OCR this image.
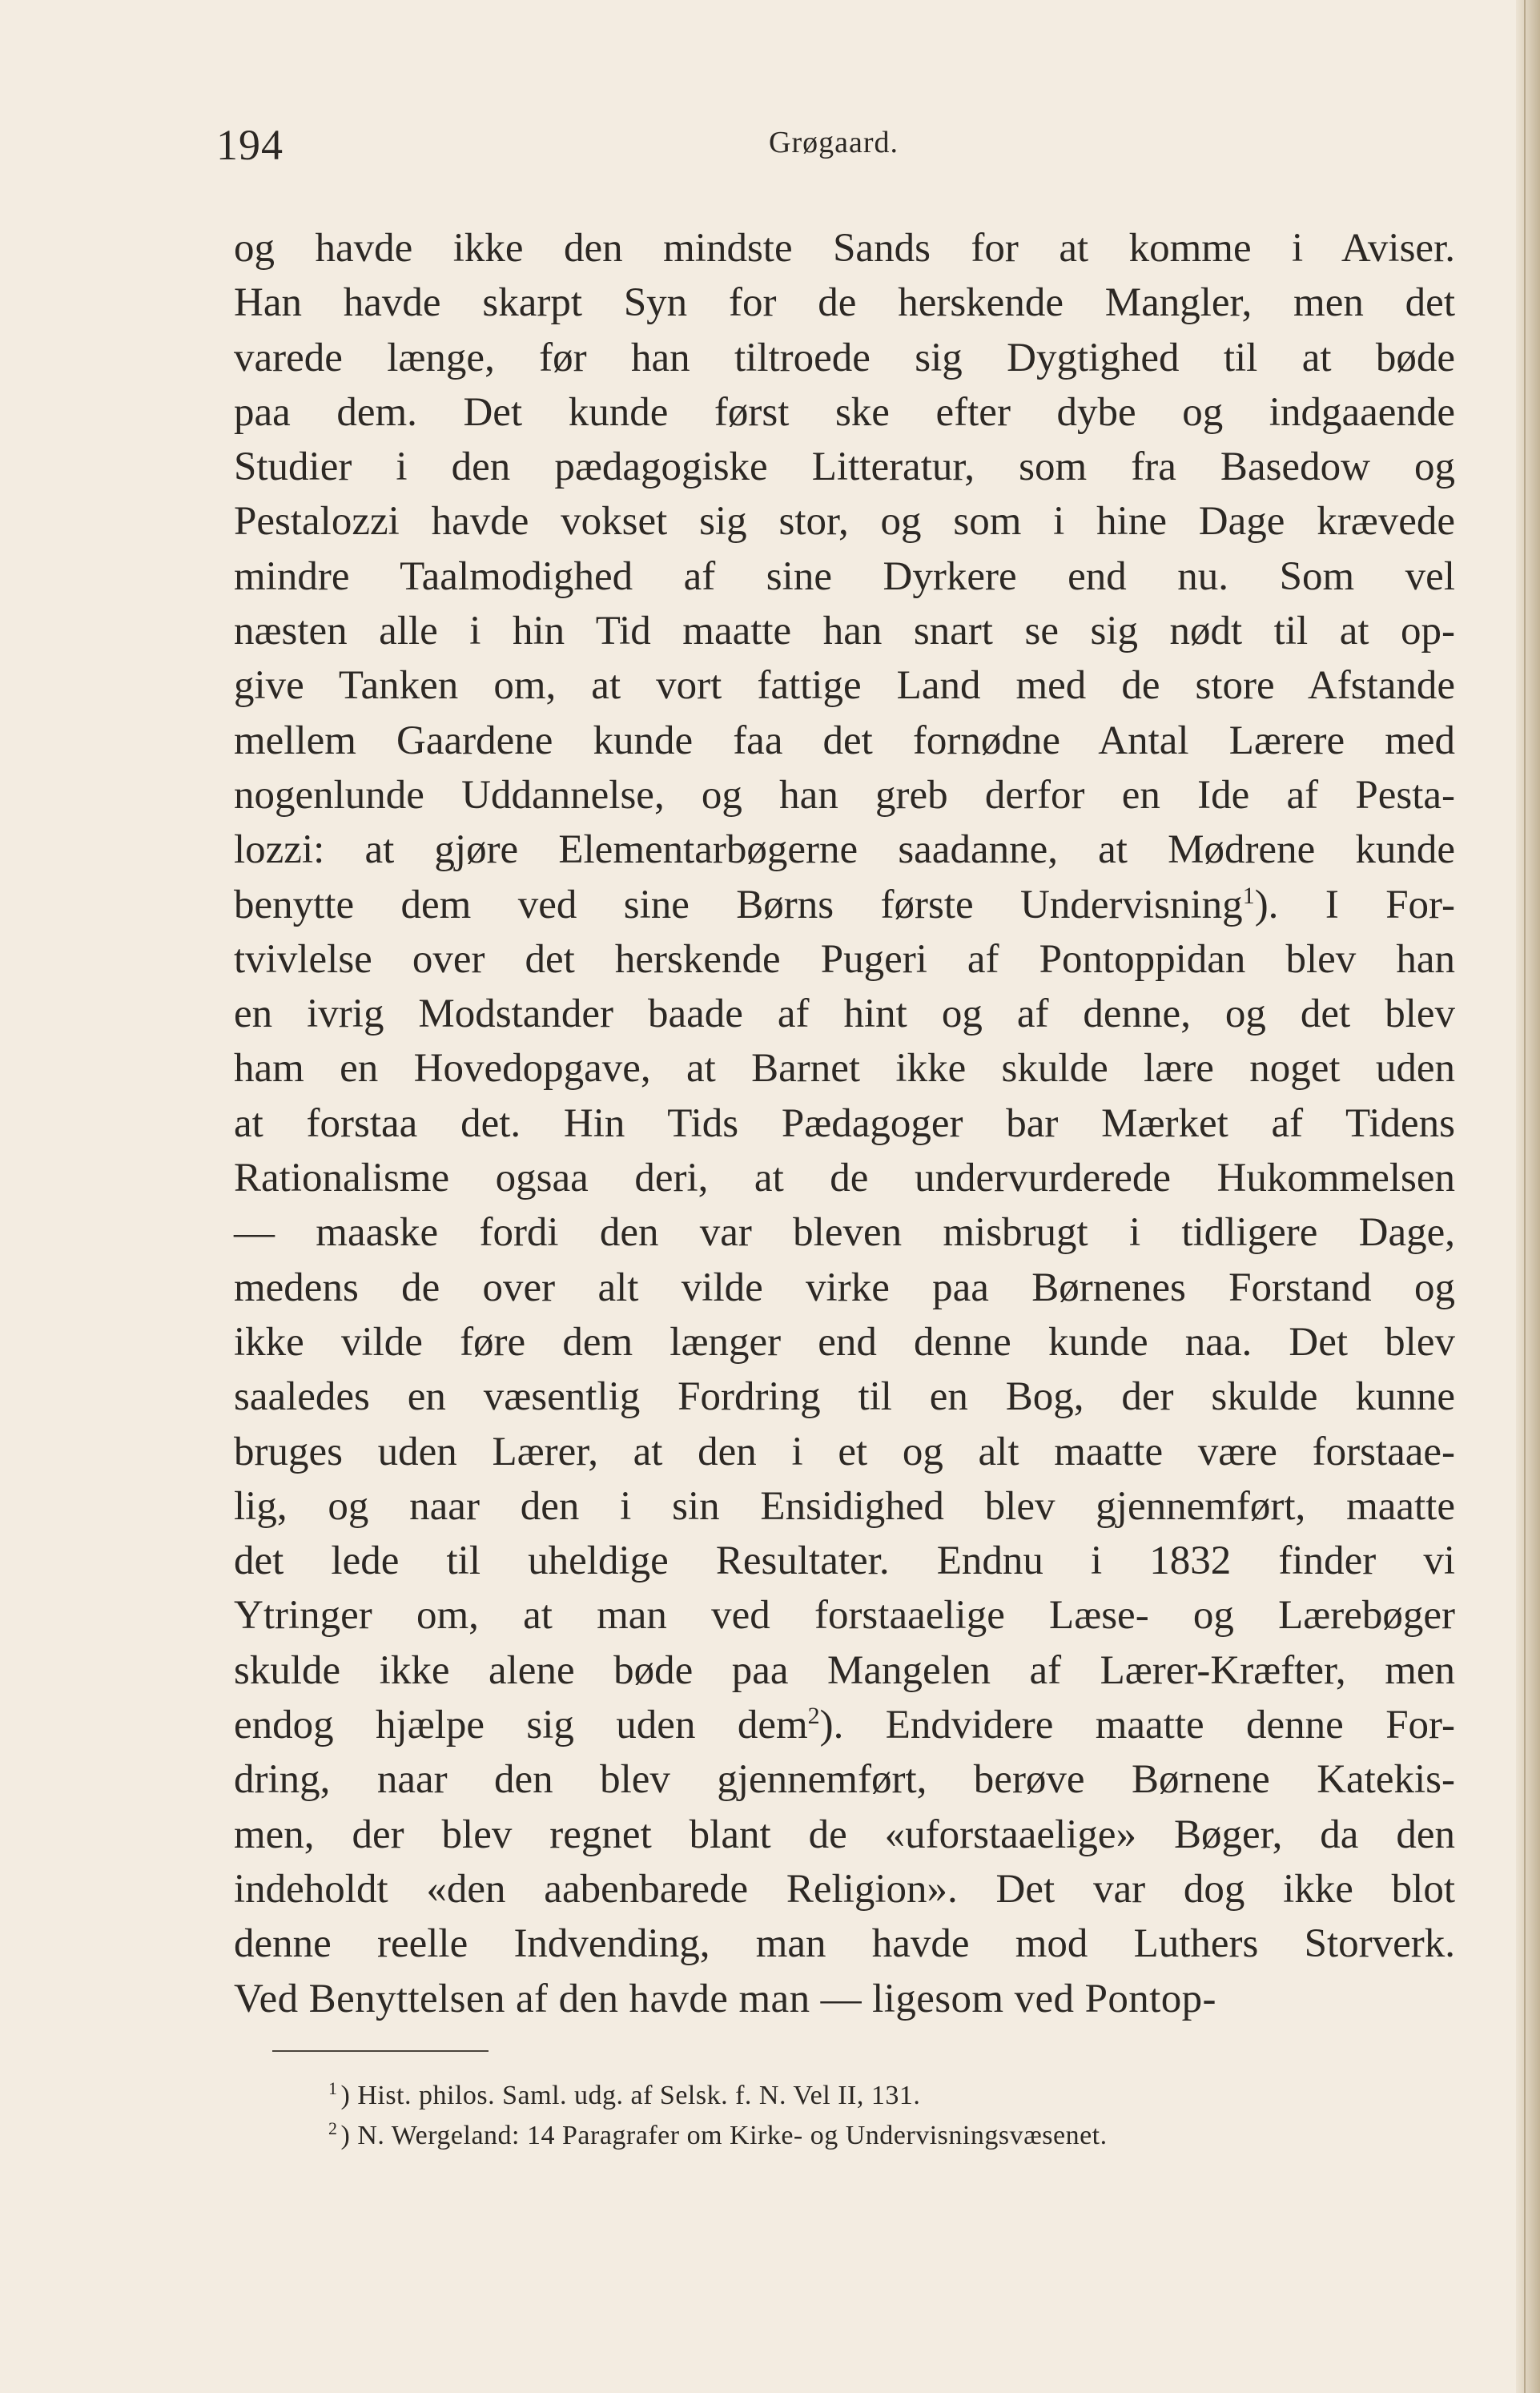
194	Grøgaard.
og havde ikke den mindste Sands for at komme i Aviser.
Han havde skarpt Syn for de herskende Mangler, men det
varede længe, før han tiltroede sig Dygtighed til at bøde
paa dem. Det kunde først ske efter dybe og indgaaende
Studier i den pædagogiske Litteratur, som fra Basedow og
Pestalozzi havde vokset sig stor, og som i hine Dage krævede
mindre Taalmodighed af sine Dyrkere end nu. Som vel
næsten alle i hin Tid maatte han snart se sig nødt til at op-
give Tanken om, at vort fattige Land med de store Afstande
mellem Gaardene kunde faa det fornødne Antal Lærere med
nogenlunde Uddannelse, og han greb derfor en Ide af Pesta-
lozzi: at gjøre Elementarbøgerne saadanne, at Mødrene kunde
benytte dem ved sine Børns første Undervisning$^1$). I For-
tvivlelse over det herskende Pugeri af Pontoppidan blev han
en ivrig Modstander baade af hint og af denne, og det blev
ham en Hovedopgave, at Barnet ikke skulde lære noget uden
at forstaa det. Hin Tids Pædagoger bar Mærket af Tidens
Rationalisme ogsaa deri, at de undervurderede Hukommelsen
— maaske fordi den var bleven misbrugt i tidligere Dage,
medens de over alt vilde virke paa Børnenes Forstand og
ikke vilde føre dem længer end denne kunde naa. Det blev
saaledes en væsentlig Fordring til en Bog, der skulde kunne
bruges uden Lærer, at den i et og alt maatte være forstaae-
lig, og naar den i sin Ensidighed blev gjennemført, maatte
det lede til uheldige Resultater. Endnu i 1832 finder vi
Ytringer om, at man ved forstaaelige Læse- og Lærebøger
skulde ikke alene bøde paa Mangelen af Lærer-Kræfter, men
endog hjælpe sig uden dem$^2$). Endvidere maatte denne For-
dring, naar den blev gjennemført, berøve Børnene Katekis-
men, der blev regnet blant de «uforstaaelige» Bøger, da den
indeholdt «den aabenbarede Religion». Det var dog ikke blot
denne reelle Indvending, man havde mod Luthers Storverk.
Ved Benyttelsen af den havde man — ligesom ved Pontop-
$^1$ ) Hist. philos. Saml. udg. af Selsk. f. N. Vel II, 131.
$^2$ ) N. Wergeland: 14 Paragrafer om Kirke- og Undervisningsvæsenet.
